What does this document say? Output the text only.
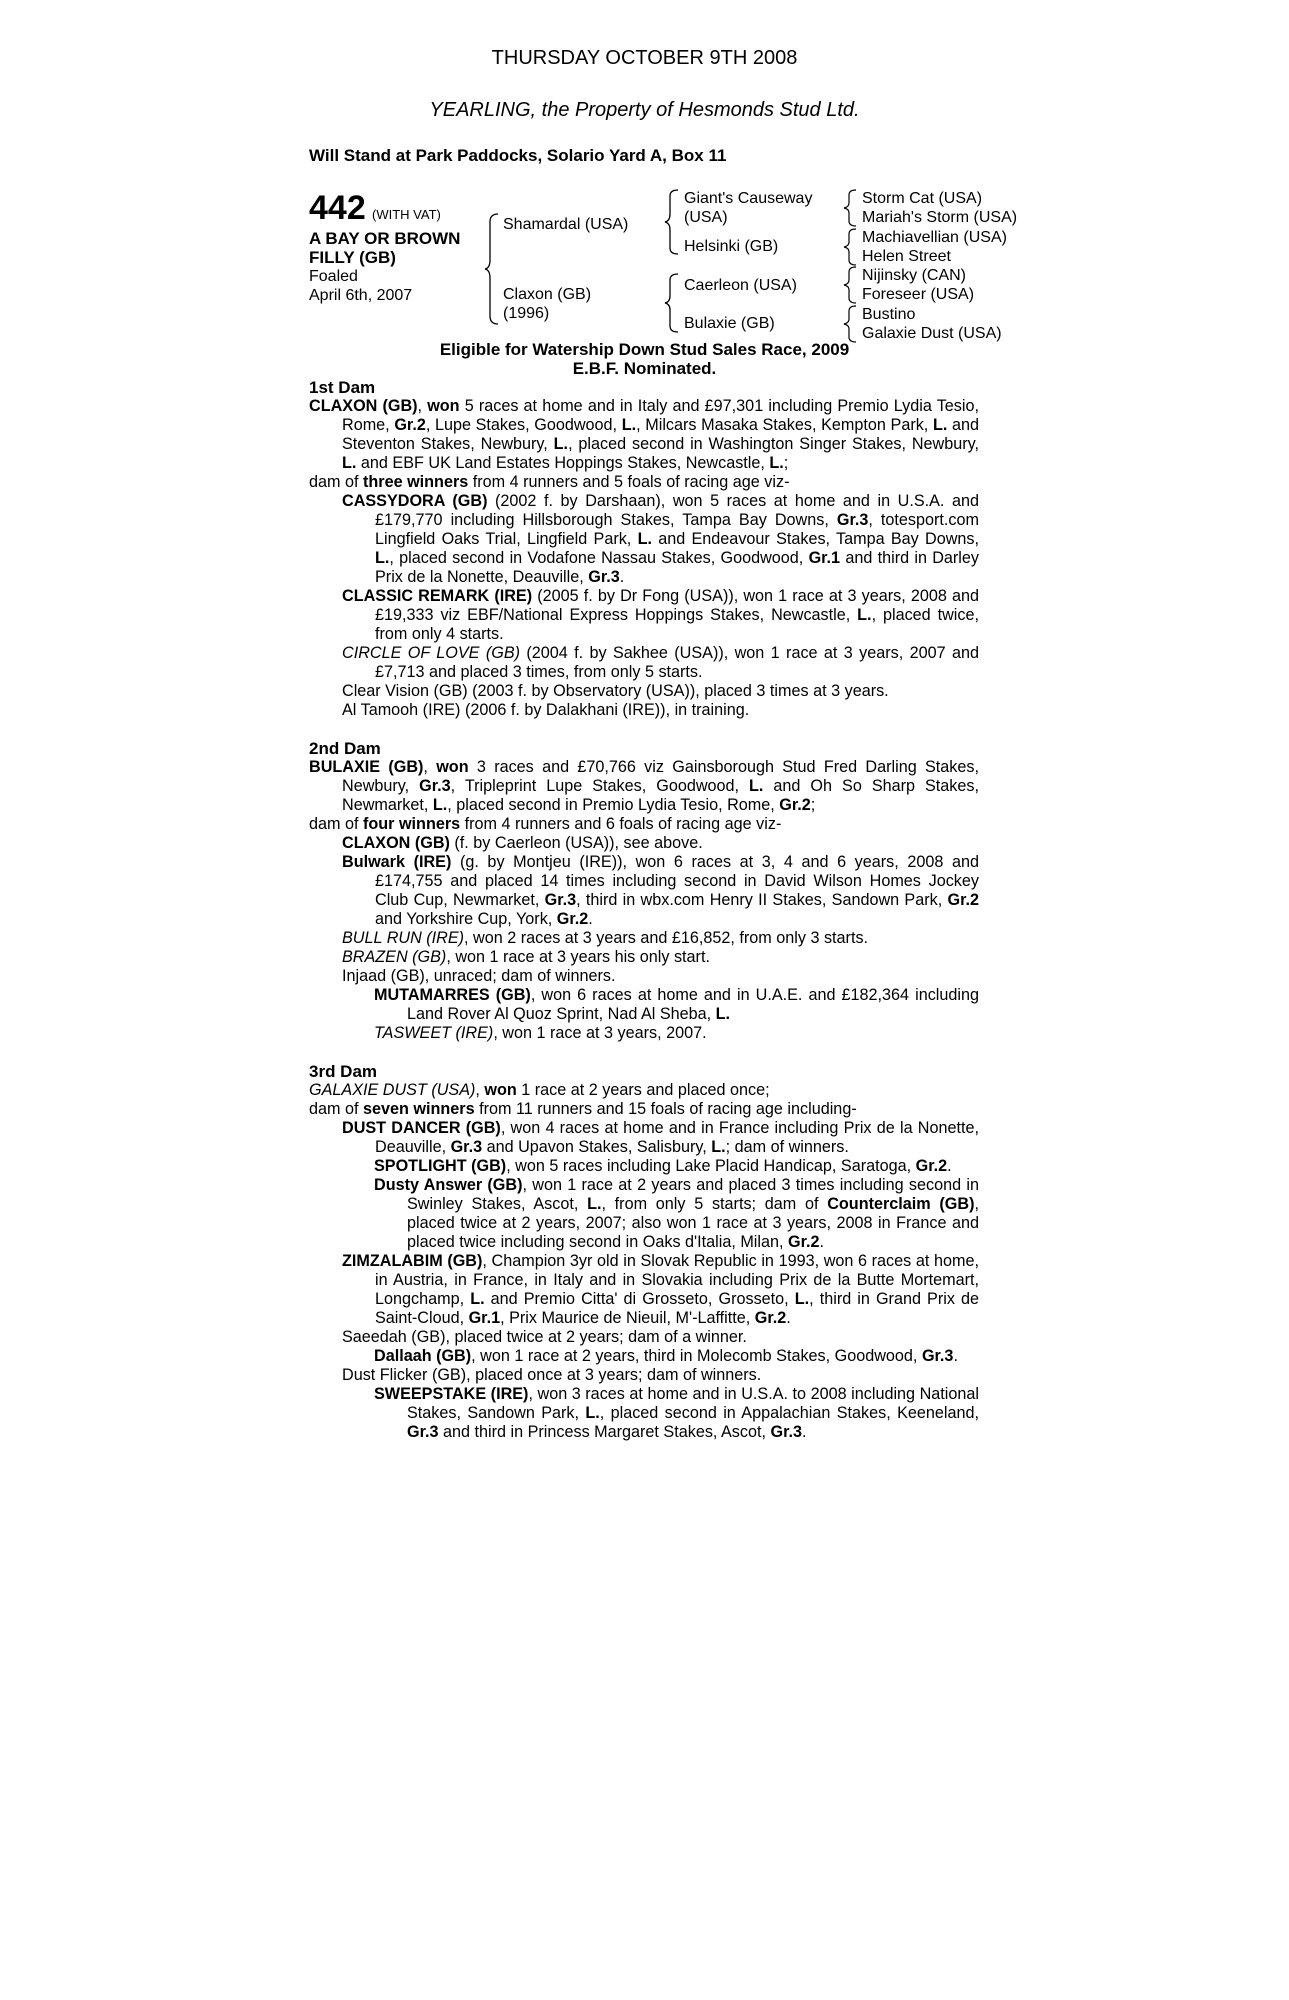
THURSDAY OCTOBER 9TH 2008
YEARLING, the Property of Hesmonds Stud Ltd.
Will Stand at Park Paddocks, Solario Yard A, Box 11
442 (WITH VAT)
A BAY OR BROWN FILLY (GB)
Foaled
April 6th, 2007
Shamardal (USA)
Claxon (GB) (1996)
Giant's Causeway (USA)
Helsinki (GB)
Caerleon (USA)
Bulaxie (GB)
Storm Cat (USA)
Mariah's Storm (USA)
Machiavellian (USA)
Helen Street
Nijinsky (CAN)
Foreseer (USA)
Bustino
Galaxie Dust (USA)
Eligible for Watership Down Stud Sales Race, 2009
E.B.F. Nominated.

1st Dam

CLAXON (GB), won 5 races at home and in Italy and £97,301 including Premio Lydia Tesio, Rome, Gr.2, Lupe Stakes, Goodwood, L., Milcars Masaka Stakes, Kempton Park, L. and Steventon Stakes, Newbury, L., placed second in Washington Singer Stakes, Newbury, L. and EBF UK Land Estates Hoppings Stakes, Newcastle, L.;

dam of three winners from 4 runners and 5 foals of racing age viz-

CASSYDORA (GB) (2002 f. by Darshaan), won 5 races at home and in U.S.A. and £179,770 including Hillsborough Stakes, Tampa Bay Downs, Gr.3, totesport.com Lingfield Oaks Trial, Lingfield Park, L. and Endeavour Stakes, Tampa Bay Downs, L., placed second in Vodafone Nassau Stakes, Goodwood, Gr.1 and third in Darley Prix de la Nonette, Deauville, Gr.3.

CLASSIC REMARK (IRE) (2005 f. by Dr Fong (USA)), won 1 race at 3 years, 2008 and £19,333 viz EBF/National Express Hoppings Stakes, Newcastle, L., placed twice, from only 4 starts.

CIRCLE OF LOVE (GB) (2004 f. by Sakhee (USA)), won 1 race at 3 years, 2007 and £7,713 and placed 3 times, from only 5 starts.

Clear Vision (GB) (2003 f. by Observatory (USA)), placed 3 times at 3 years.

Al Tamooh (IRE) (2006 f. by Dalakhani (IRE)), in training.

2nd Dam

BULAXIE (GB), won 3 races and £70,766 viz Gainsborough Stud Fred Darling Stakes, Newbury, Gr.3, Tripleprint Lupe Stakes, Goodwood, L. and Oh So Sharp Stakes, Newmarket, L., placed second in Premio Lydia Tesio, Rome, Gr.2;

dam of four winners from 4 runners and 6 foals of racing age viz-

CLAXON (GB) (f. by Caerleon (USA)), see above.

Bulwark (IRE) (g. by Montjeu (IRE)), won 6 races at 3, 4 and 6 years, 2008 and £174,755 and placed 14 times including second in David Wilson Homes Jockey Club Cup, Newmarket, Gr.3, third in wbx.com Henry II Stakes, Sandown Park, Gr.2 and Yorkshire Cup, York, Gr.2.

BULL RUN (IRE), won 2 races at 3 years and £16,852, from only 3 starts.

BRAZEN (GB), won 1 race at 3 years his only start.

Injaad (GB), unraced; dam of winners.

MUTAMARRES (GB), won 6 races at home and in U.A.E. and £182,364 including Land Rover Al Quoz Sprint, Nad Al Sheba, L.

TASWEET (IRE), won 1 race at 3 years, 2007.

3rd Dam

GALAXIE DUST (USA), won 1 race at 2 years and placed once;

dam of seven winners from 11 runners and 15 foals of racing age including-

DUST DANCER (GB), won 4 races at home and in France including Prix de la Nonette, Deauville, Gr.3 and Upavon Stakes, Salisbury, L.; dam of winners.

SPOTLIGHT (GB), won 5 races including Lake Placid Handicap, Saratoga, Gr.2.

Dusty Answer (GB), won 1 race at 2 years and placed 3 times including second in Swinley Stakes, Ascot, L., from only 5 starts; dam of Counterclaim (GB), placed twice at 2 years, 2007; also won 1 race at 3 years, 2008 in France and placed twice including second in Oaks d'Italia, Milan, Gr.2.

ZIMZALABIM (GB), Champion 3yr old in Slovak Republic in 1993, won 6 races at home, in Austria, in France, in Italy and in Slovakia including Prix de la Butte Mortemart, Longchamp, L. and Premio Citta' di Grosseto, Grosseto, L., third in Grand Prix de Saint-Cloud, Gr.1, Prix Maurice de Nieuil, M'-Laffitte, Gr.2.

Saeedah (GB), placed twice at 2 years; dam of a winner.

Dallaah (GB), won 1 race at 2 years, third in Molecomb Stakes, Goodwood, Gr.3.

Dust Flicker (GB), placed once at 3 years; dam of winners.

SWEEPSTAKE (IRE), won 3 races at home and in U.S.A. to 2008 including National Stakes, Sandown Park, L., placed second in Appalachian Stakes, Keeneland, Gr.3 and third in Princess Margaret Stakes, Ascot, Gr.3.
